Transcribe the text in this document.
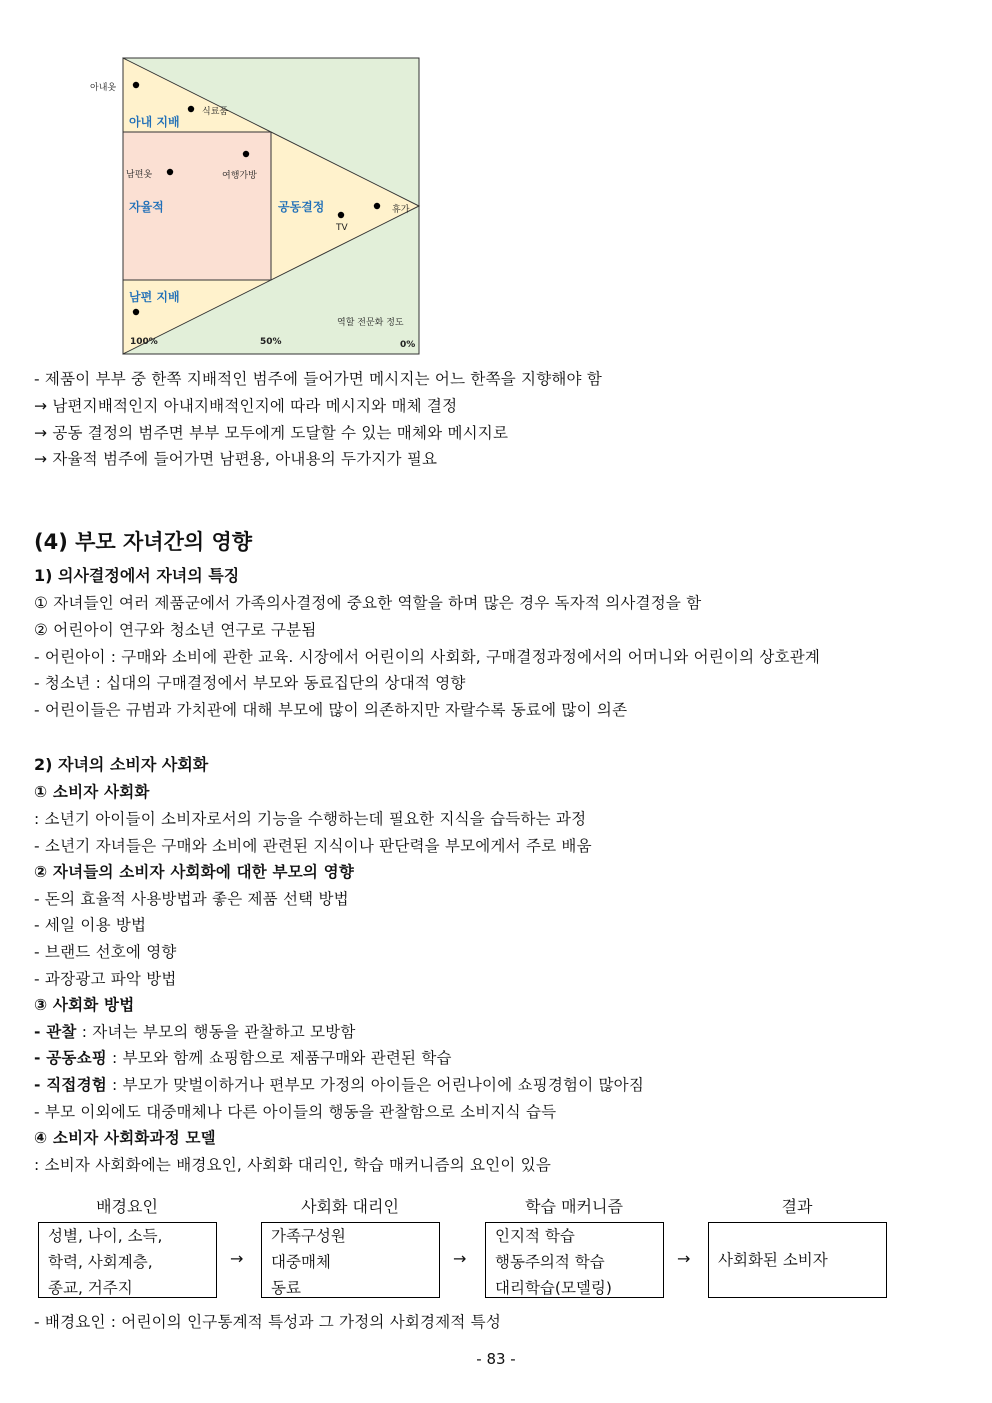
아내옷
식료품
남편옷	여행가방
휴가
TV
아내 지배
자율적	공동결정
남편 지배
역할 전문화 정도
100%	50%	0%
- 제품이 부부 중 한쪽 지배적인 범주에 들어가면 메시지는 어느 한쪽을 지향해야 함
→ 남편지배적인지 아내지배적인지에 따라 메시지와 매체 결정
→ 공동 결정의 범주면 부부 모두에게 도달할 수 있는 매체와 메시지로
→ 자율적 범주에 들어가면 남편용, 아내용의 두가지가 필요
(4) 부모 자녀간의 영향
1) 의사결정에서 자녀의 특징
① 자녀들인 여러 제품군에서 가족의사결정에 중요한 역할을 하며 많은 경우 독자적 의사결정을 함
② 어린아이 연구와 청소년 연구로 구분됨
- 어린아이 : 구매와 소비에 관한 교육. 시장에서 어린이의 사회화, 구매결정과정에서의 어머니와 어린이의 상호관계
- 청소년 : 십대의 구매결정에서 부모와 동료집단의 상대적 영향
- 어린이들은 규범과 가치관에 대해 부모에 많이 의존하지만 자랄수록 동료에 많이 의존
2) 자녀의 소비자 사회화
① 소비자 사회화
: 소년기 아이들이 소비자로서의 기능을 수행하는데 필요한 지식을 습득하는 과정
- 소년기 자녀들은 구매와 소비에 관련된 지식이나 판단력을 부모에게서 주로 배움
② 자녀들의 소비자 사회화에 대한 부모의 영향
- 돈의 효율적 사용방법과 좋은 제품 선택 방법
- 세일 이용 방법
- 브랜드 선호에 영향
- 과장광고 파악 방법
③ 사회화 방법
- 관찰 : 자녀는 부모의 행동을 관찰하고 모방함
- 공동쇼핑 : 부모와 함께 쇼핑함으로 제품구매와 관련된 학습
- 직접경험 : 부모가 맞벌이하거나 편부모 가정의 아이들은 어린나이에 쇼핑경험이 많아짐
- 부모 이외에도 대중매체나 다른 아이들의 행동을 관찰함으로 소비지식 습득
④ 소비자 사회화과정 모델
: 소비자 사회화에는 배경요인, 사회화 대리인, 학습 매커니즘의 요인이 있음
배경요인	사회화 대리인	학습 매커니즘	결과
성별, 나이, 소득,
학력, 사회계층,
종교, 거주지
→
가족구성원
대중매체
동료
→
인지적 학습
행동주의적 학습
대리학습(모델링)
→ 사회화된 소비자
- 배경요인 : 어린이의 인구통계적 특성과 그 가정의 사회경제적 특성
- 83 -
